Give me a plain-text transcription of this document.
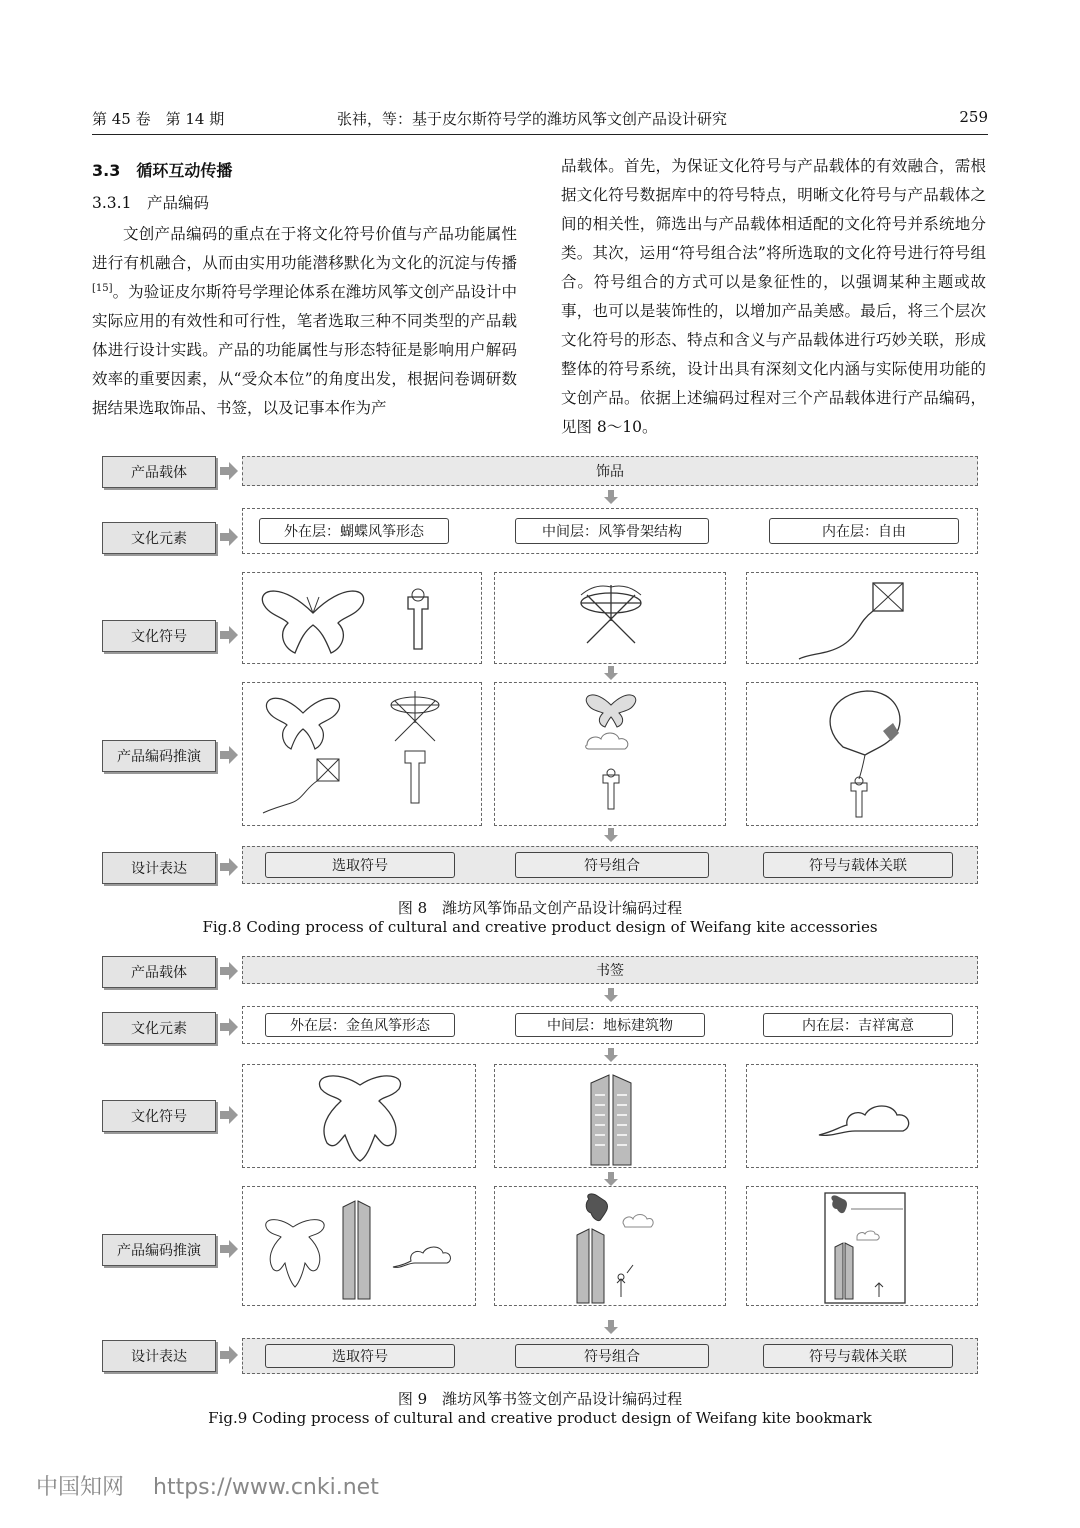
第 45 卷　第 14 期	张祎，等：基于皮尔斯符号学的潍坊风筝文创产品设计研究	259
3.3　循环互动传播
3.3.1　产品编码

文创产品编码的重点在于将文化符号价值与产品功能属性进行有机融合，从而由实用功能潜移默化为文化的沉淀与传播[15]。为验证皮尔斯符号学理论体系在潍坊风筝文创产品设计中实际应用的有效性和可行性，笔者选取三种不同类型的产品载体进行设计实践。产品的功能属性与形态特征是影响用户解码效率的重要因素，从“受众本位”的角度出发，根据问卷调研数据结果选取饰品、书签，以及记事本作为产

品载体。首先，为保证文化符号与产品载体的有效融合，需根据文化符号数据库中的符号特点，明晰文化符号与产品载体之间的相关性，筛选出与产品载体相适配的文化符号并系统地分类。其次，运用“符号组合法”将所选取的文化符号进行符号组合。符号组合的方式可以是象征性的，以强调某种主题或故事，也可以是装饰性的，以增加产品美感。最后，将三个层次文化符号的形态、特点和含义与产品载体进行巧妙关联，形成整体的符号系统，设计出具有深刻文化内涵与实际使用功能的文创产品。依据上述编码过程对三个产品载体进行产品编码，见图 8～10。

产品载体	饰品
文化元素	外在层：蝴蝶风筝形态	中间层：风筝骨架结构	内在层：自由
文化符号
产品编码推演
设计表达	选取符号	符号组合	符号与载体关联
图 8　潍坊风筝饰品文创产品设计编码过程
Fig.8 Coding process of cultural and creative product design of Weifang kite accessories
产品载体	书签
文化元素	外在层：金鱼风筝形态	中间层：地标建筑物	内在层：吉祥寓意
文化符号
产品编码推演
设计表达	选取符号	符号组合	符号与载体关联
图 9　潍坊风筝书签文创产品设计编码过程
Fig.9 Coding process of cultural and creative product design of Weifang kite bookmark
中国知网 https://www.cnki.net
